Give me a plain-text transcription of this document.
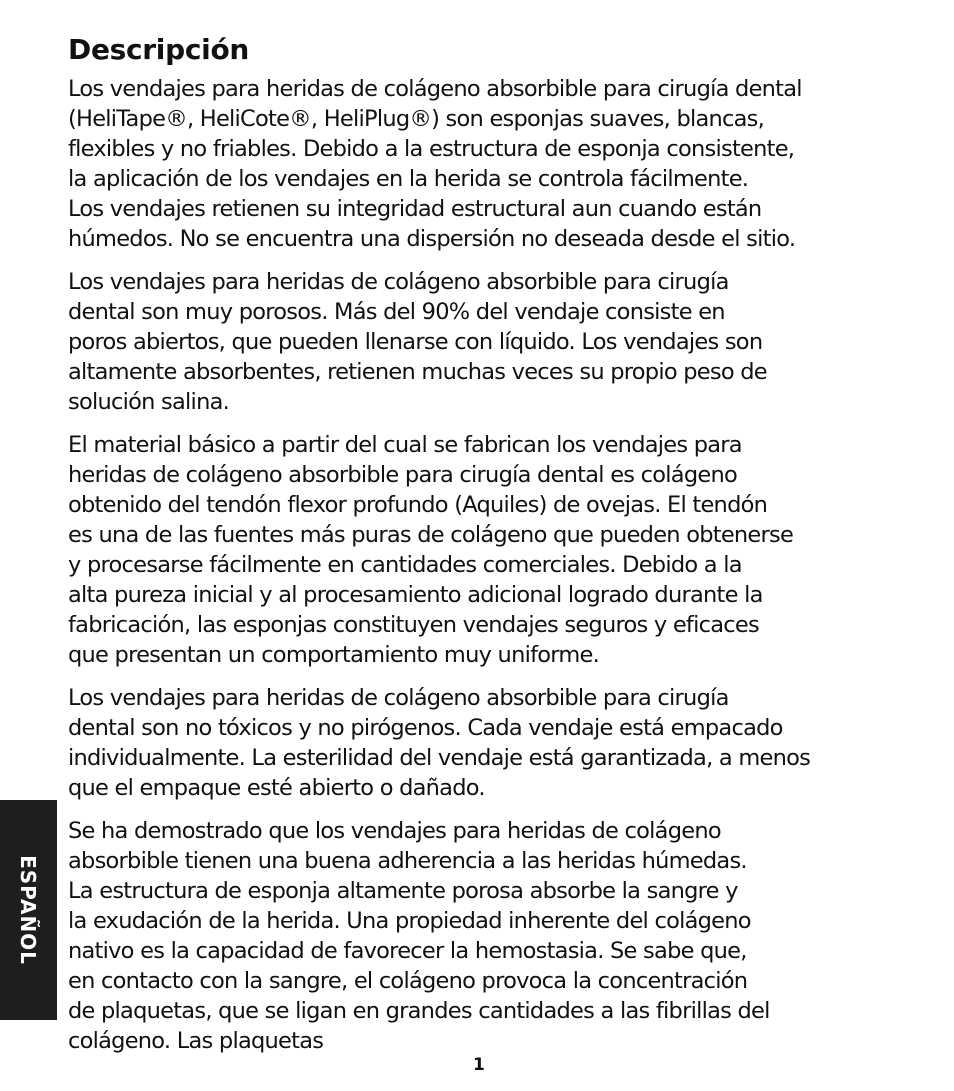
Descripción
Los vendajes para heridas de colágeno absorbible para cirugía dental
(HeliTape®, HeliCote®, HeliPlug®) son esponjas suaves, blancas,
flexibles y no friables. Debido a la estructura de esponja consistente,
la aplicación de los vendajes en la herida se controla fácilmente.
Los vendajes retienen su integridad estructural aun cuando están
húmedos. No se encuentra una dispersión no deseada desde el sitio.
Los vendajes para heridas de colágeno absorbible para cirugía
dental son muy porosos. Más del 90% del vendaje consiste en
poros abiertos, que pueden llenarse con líquido. Los vendajes son
altamente absorbentes, retienen muchas veces su propio peso de
solución salina.
El material básico a partir del cual se fabrican los vendajes para
heridas de colágeno absorbible para cirugía dental es colágeno
obtenido del tendón flexor profundo (Aquiles) de ovejas. El tendón
es una de las fuentes más puras de colágeno que pueden obtenerse
y procesarse fácilmente en cantidades comerciales. Debido a la
alta pureza inicial y al procesamiento adicional logrado durante la
fabricación, las esponjas constituyen vendajes seguros y eficaces
que presentan un comportamiento muy uniforme.
Los vendajes para heridas de colágeno absorbible para cirugía
dental son no tóxicos y no pirógenos. Cada vendaje está empacado
individualmente. La esterilidad del vendaje está garantizada, a menos
que el empaque esté abierto o dañado.
Se ha demostrado que los vendajes para heridas de colágeno
absorbible tienen una buena adherencia a las heridas húmedas.
La estructura de esponja altamente porosa absorbe la sangre y
la exudación de la herida. Una propiedad inherente del colágeno
nativo es la capacidad de favorecer la hemostasia. Se sabe que,
en contacto con la sangre, el colágeno provoca la concentración
de plaquetas, que se ligan en grandes cantidades a las fibrillas del
colágeno. Las plaquetas
ESPAÑOL
1
